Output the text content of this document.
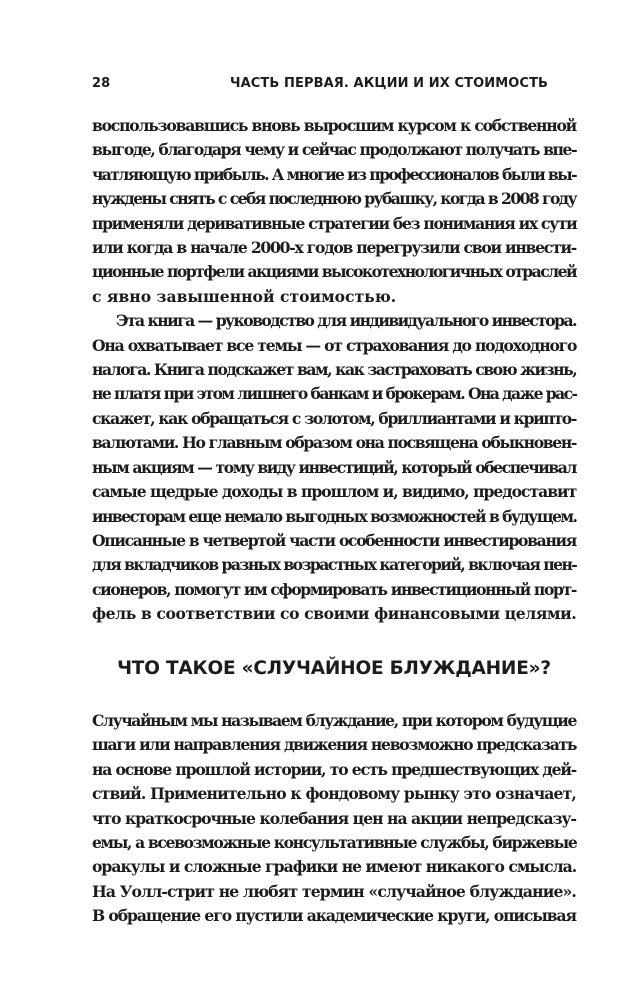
28	ЧАСТЬ ПЕРВАЯ. АКЦИИ И ИХ СТОИМОСТЬ

воспользовавшись вновь выросшим курсом к собственной
выгоде, благодаря чему и сейчас продолжают получать впе-
чатляющую прибыль. А многие из профессионалов были вы-
нуждены снять с себя последнюю рубашку, когда в 2008 году
применяли деривативные стратегии без понимания их сути
или когда в начале 2000-х годов перегрузили свои инвести-
ционные портфели акциями высокотехнологичных отраслей
с явно завышенной стоимостью.

Эта книга — руководство для индивидуального инвестора.
Она охватывает все темы — от страхования до подоходного
налога. Книга подскажет вам, как застраховать свою жизнь,
не платя при этом лишнего банкам и брокерам. Она даже рас-
скажет, как обращаться с золотом, бриллиантами и крипто-
валютами. Но главным образом она посвящена обыкновен-
ным акциям — тому виду инвестиций, который обеспечивал
самые щедрые доходы в прошлом и, видимо, предоставит
инвесторам еще немало выгодных возможностей в будущем.
Описанные в четвертой части особенности инвестирования
для вкладчиков разных возрастных категорий, включая пен-
сионеров, помогут им сформировать инвестиционный порт-
фель в соответствии со своими финансовыми целями.

ЧТО ТАКОЕ «СЛУЧАЙНОЕ БЛУЖДАНИЕ»?

Случайным мы называем блуждание, при котором будущие
шаги или направления движения невозможно предсказать
на основе прошлой истории, то есть предшествующих дей-
ствий. Применительно к фондовому рынку это означает,
что краткосрочные колебания цен на акции непредсказу-
емы, а всевозможные консультативные службы, биржевые
оракулы и сложные графики не имеют никакого смысла.
На Уолл-стрит не любят термин «случайное блуждание».
В обращение его пустили академические круги, описывая
